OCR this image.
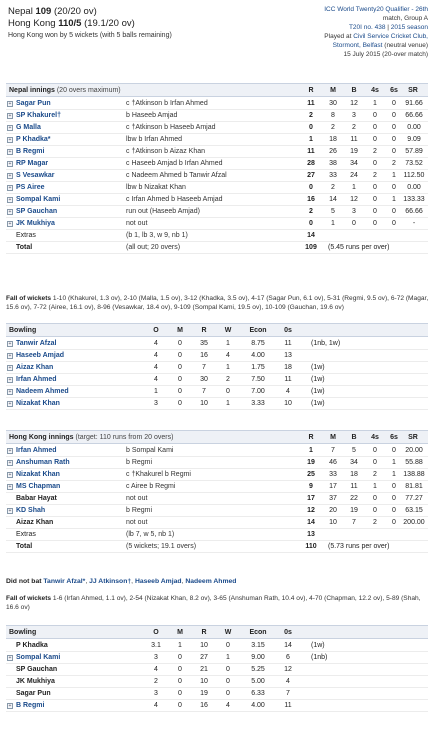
Nepal 109 (20/20 ov)
Hong Kong 110/5 (19.1/20 ov)
Hong Kong won by 5 wickets (with 5 balls remaining)
ICC World Twenty20 Qualifier - 26th
match, Group A
T20I no. 438 | 2015 season
Played at Civil Service Cricket Club,
Stormont, Belfast (neutral venue)
15 July 2015 (20-over match)
Nepal innings (20 overs maximum)	R	M	B	4s	6s	SR
+ Sagar Pun	c †Atkinson b Irfan Ahmed	11	30	12	1	0	91.66
+ SP Khakurel†	b Haseeb Amjad	2	8	3	0	0	66.66
+ G Malla	c †Atkinson b Haseeb Amjad	0	2	2	0	0	0.00
+ P Khadka*	lbw b Irfan Ahmed	1	18	11	0	0	9.09
+ B Regmi	c †Atkinson b Aizaz Khan	11	26	19	2	0	57.89
+ RP Magar	c Haseeb Amjad b Irfan Ahmed	28	38	34	0	2	73.52
+ S Vesawkar	c Nadeem Ahmed b Tanwir Afzal	27	33	24	2	1	112.50
+ PS Airee	lbw b Nizakat Khan	0	2	1	0	0	0.00
+ Sompal Kami	c Irfan Ahmed b Haseeb Amjad	16	14	12	0	1	133.33
+ SP Gauchan	run out (Haseeb Amjad)	2	5	3	0	0	66.66
+ JK Mukhiya	not out	0	1	0	0	0	-
Extras	(b 1, lb 3, w 9, nb 1)	14
Total	(all out; 20 overs)	109	(5.45 runs per over)
Fall of wickets 1-10 (Khakurel, 1.3 ov), 2-10 (Malla, 1.5 ov), 3-12 (Khadka, 3.5 ov), 4-17 (Sagar Pun, 6.1 ov), 5-31 (Regmi, 9.5 ov), 6-72 (Magar, 15.6 ov), 7-72 (Airee, 16.1 ov), 8-96 (Vesawkar, 18.4 ov), 9-109 (Sompal Kami, 19.5 ov), 10-109 (Gauchan, 19.6 ov)
Bowling	O	M	R	W	Econ	0s
+ Tanwir Afzal	4	0	35	1	8.75	11	(1nb, 1w)
+ Haseeb Amjad	4	0	16	4	4.00	13
+ Aizaz Khan	4	0	7	1	1.75	18	(1w)
+ Irfan Ahmed	4	0	30	2	7.50	11	(1w)
+ Nadeem Ahmed	1	0	7	0	7.00	4	(1w)
+ Nizakat Khan	3	0	10	1	3.33	10	(1w)
Hong Kong innings (target: 110 runs from 20 overs)	R	M	B	4s	6s	SR
+ Irfan Ahmed	b Sompal Kami	1	7	5	0	0	20.00
+ Anshuman Rath	b Regmi	19	46	34	0	1	55.88
+ Nizakat Khan	c †Khakurel b Regmi	25	33	18	2	1	138.88
+ MS Chapman	c Airee b Regmi	9	17	11	1	0	81.81
Babar Hayat	not out	17	37	22	0	0	77.27
+ KD Shah	b Regmi	12	20	19	0	0	63.15
Aizaz Khan	not out	14	10	7	2	0	200.00
Extras	(lb 7, w 5, nb 1)	13
Total	(5 wickets; 19.1 overs)	110	(5.73 runs per over)
Did not bat Tanwir Afzal*, JJ Atkinson†, Haseeb Amjad, Nadeem Ahmed
Fall of wickets 1-6 (Irfan Ahmed, 1.1 ov), 2-54 (Nizakat Khan, 8.2 ov), 3-65 (Anshuman Rath, 10.4 ov), 4-70 (Chapman, 12.2 ov), 5-89 (Shah, 16.6 ov)
Bowling	O	M	R	W	Econ	0s
P Khadka	3.1	1	10	0	3.15	14	(1w)
+ Sompal Kami	3	0	27	1	9.00	6	(1nb)
SP Gauchan	4	0	21	0	5.25	12
JK Mukhiya	2	0	10	0	5.00	4
Sagar Pun	3	0	19	0	6.33	7
+ B Regmi	4	0	16	4	4.00	11
